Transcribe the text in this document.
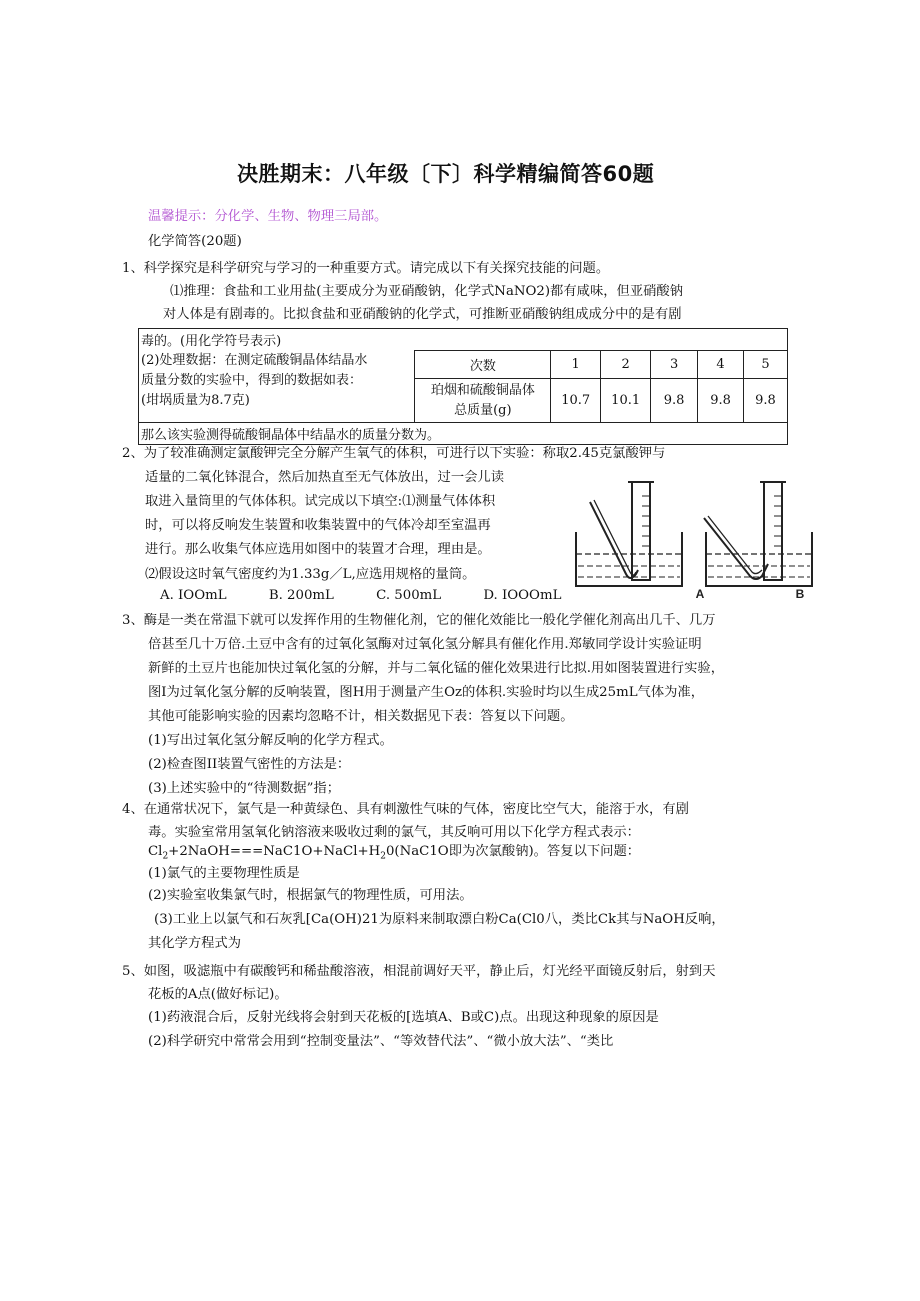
决胜期末：八年级〔下〕科学精编简答60题
温馨提示：分化学、生物、物理三局部。
化学简答(20题)
1、科学探究是科学研究与学习的一种重要方式。请完成以下有关探究技能的问题。
⑴推理：食盐和工业用盐(主要成分为亚硝酸钠，化学式NaNO2)都有咸味，但亚硝酸钠
对人体是有剧毒的。比拟食盐和亚硝酸钠的化学式，可推断亚硝酸钠组成成分中的是有剧
毒的。(用化学符号表示)						

(2)处理数据：在测定硫酸铜晶体结晶水
质量分数的实验中，得到的数据如表：
(坩埚质量为8.7克)	次数	1	2	3	4	5

	珀烟和硫酸铜晶体
总质量(g)	10.7	10.1	9.8	9.8	9.8
那么该实验测得硫酸铜晶体中结晶水的质量分数为。						
2、为了较准确测定氯酸钾完全分解产生氧气的体积，可进行以下实验：称取2.45克氯酸钾与
适量的二氧化钵混合，然后加热直至无气体放出，过一会儿读
取进入量筒里的气体体积。试完成以下填空:⑴测量气体体积
时，可以将反响发生装置和收集装置中的气体冷却至室温再
进行。那么收集气体应选用如图中的装置才合理，理由是。
⑵假设这时氧气密度约为1.33g／L,应选用规格的量筒。
A. IOOmL          B. 200mL          C. 500mL          D. IOOOmL	A	B
3、酶是一类在常温下就可以发挥作用的生物催化剂，它的催化效能比一般化学催化剂高出几千、几万
倍甚至几十万倍.土豆中含有的过氧化氢酶对过氧化氢分解具有催化作用.郑敏同学设计实验证明
新鲜的土豆片也能加快过氧化氢的分解，并与二氧化锰的催化效果进行比拟.用如图装置进行实验，
图I为过氧化氢分解的反响装置，图H用于测量产生Oz的体积.实验时均以生成25mL气体为准，
其他可能影响实验的因素均忽略不计，相关数据见下表：答复以下问题。
(1)写出过氧化氢分解反响的化学方程式。
(2)检查图II装置气密性的方法是：
(3)上述实验中的“待测数据”指；
4、在通常状况下，氯气是一种黄绿色、具有刺激性气味的气体，密度比空气大，能溶于水，有剧
毒。实验室常用氢氧化钠溶液来吸收过剩的氯气，其反响可用以下化学方程式表示：
$Cl_2+2NaOH===NaC1O+NaCl+H_20(NaC1O$即为次氯酸钠)。答复以下问题：
(1)氯气的主要物理性质是
(2)实验室收集氯气时，根据氯气的物理性质，可用法。
(3)工业上以氯气和石灰乳[Ca(OH)21为原料来制取漂白粉Ca(Cl0八，类比Ck其与NaOH反响，
其化学方程式为
5、如图，吸滤瓶中有碳酸钙和稀盐酸溶液，相混前调好天平，静止后，灯光经平面镜反射后，射到天
花板的A点(做好标记)。
(1)药液混合后，反射光线将会射到天花板的[选填A、B或C)点。出现这种现象的原因是
(2)科学研究中常常会用到“控制变量法”、“等效替代法”、“微小放大法”、“类比
